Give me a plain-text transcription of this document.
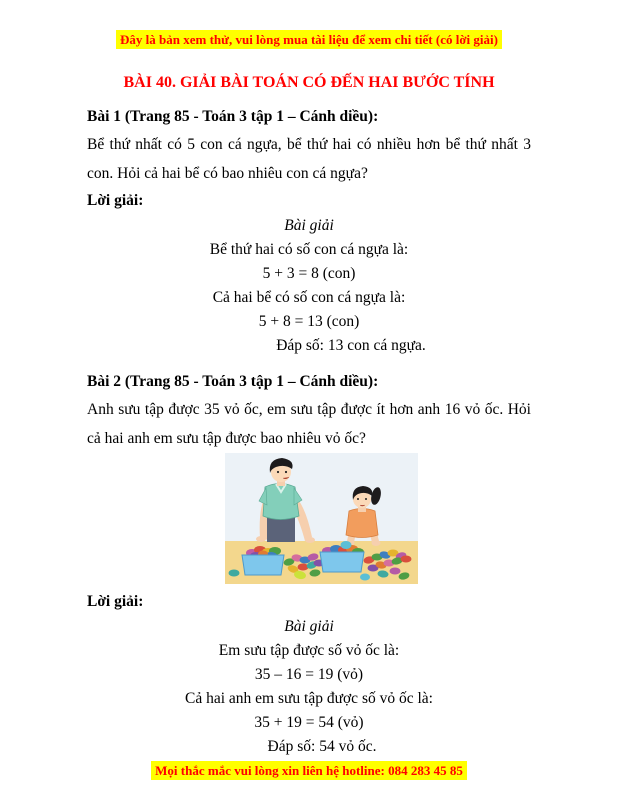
Đây là bản xem thử, vui lòng mua tài liệu để xem chi tiết (có lời giải)
BÀI 40. GIẢI BÀI TOÁN CÓ ĐẾN HAI BƯỚC TÍNH
Bài 1 (Trang 85 - Toán 3 tập 1 – Cánh diều):
Bể thứ nhất có 5 con cá ngựa, bể thứ hai có nhiều hơn bể thứ nhất 3 con. Hỏi cả hai bể có bao nhiêu con cá ngựa?
Lời giải:
Bài giải
Bể thứ hai có số con cá ngựa là:
5 + 3 = 8 (con)
Cả hai bể có số con cá ngựa là:
5 + 8 = 13 (con)
Đáp số: 13 con cá ngựa.
Bài 2 (Trang 85 - Toán 3 tập 1 – Cánh diều):
Anh sưu tập được 35 vỏ ốc, em sưu tập được ít hơn anh 16 vỏ ốc. Hỏi cả hai anh em sưu tập được bao nhiêu vỏ ốc?
Lời giải:
Bài giải
Em sưu tập được số vỏ ốc là:
35 – 16 = 19 (vỏ)
Cả hai anh em sưu tập được số vỏ ốc là:
35 + 19 = 54 (vỏ)
Đáp số: 54 vỏ ốc.
Mọi thắc mắc vui lòng xin liên hệ hotline: 084 283 45 85
